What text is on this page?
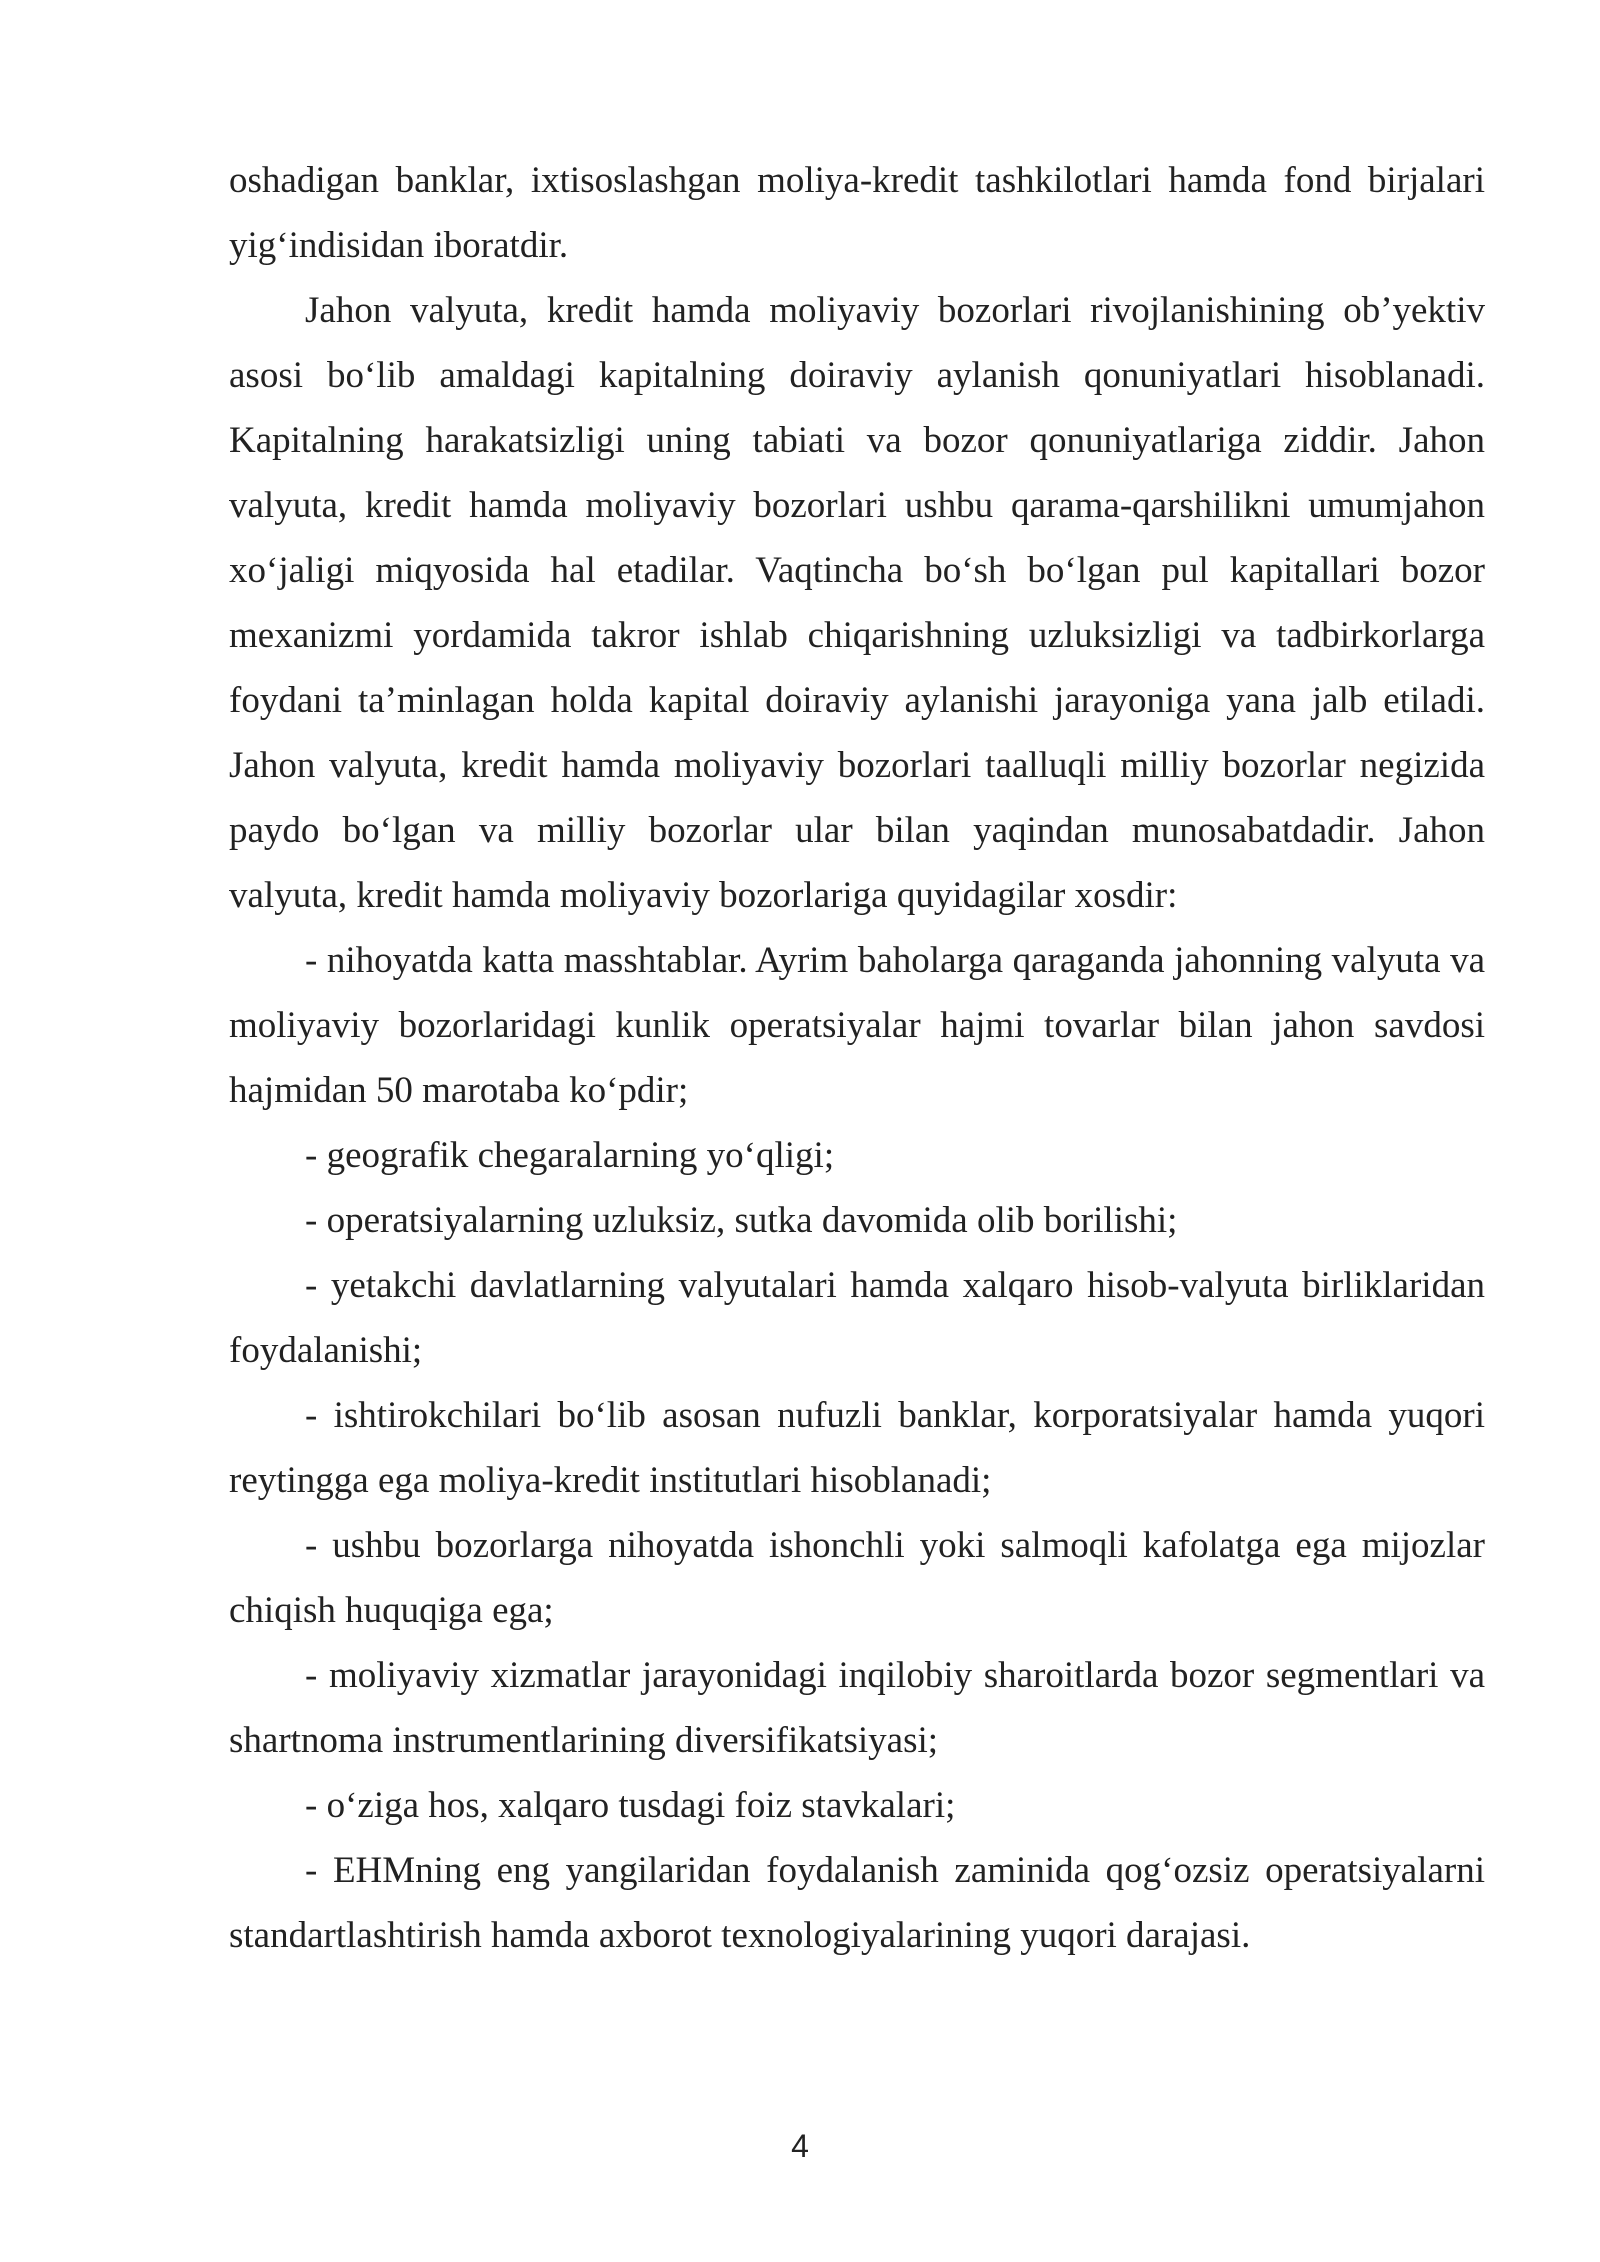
oshadigan banklar, ixtisoslashgan moliya-kredit tashkilotlari hamda fond birjalari yig‘indisidan iboratdir.

Jahon valyuta, kredit hamda moliyaviy bozorlari rivojlanishining ob’yektiv asosi bo‘lib amaldagi kapitalning doiraviy aylanish qonuniyatlari hisoblanadi. Kapitalning harakatsizligi uning tabiati va bozor qonuniyatlariga ziddir. Jahon valyuta, kredit hamda moliyaviy bozorlari ushbu qarama-qarshilikni umumjahon xo‘jaligi miqyosida hal etadilar. Vaqtincha bo‘sh bo‘lgan pul kapitallari bozor mexanizmi yordamida takror ishlab chiqarishning uzluksizligi va tadbirkorlarga foydani ta’minlagan holda kapital doiraviy aylanishi jarayoniga yana jalb etiladi. Jahon valyuta, kredit hamda moliyaviy bozorlari taalluqli milliy bozorlar negizida paydo bo‘lgan va milliy bozorlar ular bilan yaqindan munosabatdadir. Jahon valyuta, kredit hamda moliyaviy bozorlariga quyidagilar xosdir:

- nihoyatda katta masshtablar. Ayrim baholarga qaraganda jahonning valyuta va moliyaviy bozorlaridagi kunlik operatsiyalar hajmi tovarlar bilan jahon savdosi hajmidan 50 marotaba ko‘pdir;

- geografik chegaralarning yo‘qligi;

- operatsiyalarning uzluksiz, sutka davomida olib borilishi;

- yetakchi davlatlarning valyutalari hamda xalqaro hisob-valyuta birliklaridan foydalanishi;

- ishtirokchilari bo‘lib asosan nufuzli banklar, korporatsiyalar hamda yuqori reytingga ega moliya-kredit institutlari hisoblanadi;

- ushbu bozorlarga nihoyatda ishonchli yoki salmoqli kafolatga ega mijozlar chiqish huquqiga ega;

- moliyaviy xizmatlar jarayonidagi inqilobiy sharoitlarda bozor segmentlari va shartnoma instrumentlarining diversifikatsiyasi;

- o‘ziga hos, xalqaro tusdagi foiz stavkalari;

- EHMning eng yangilaridan foydalanish zaminida qog‘ozsiz operatsiyalarni standartlashtirish hamda axborot texnologiyalarining yuqori darajasi.

4
